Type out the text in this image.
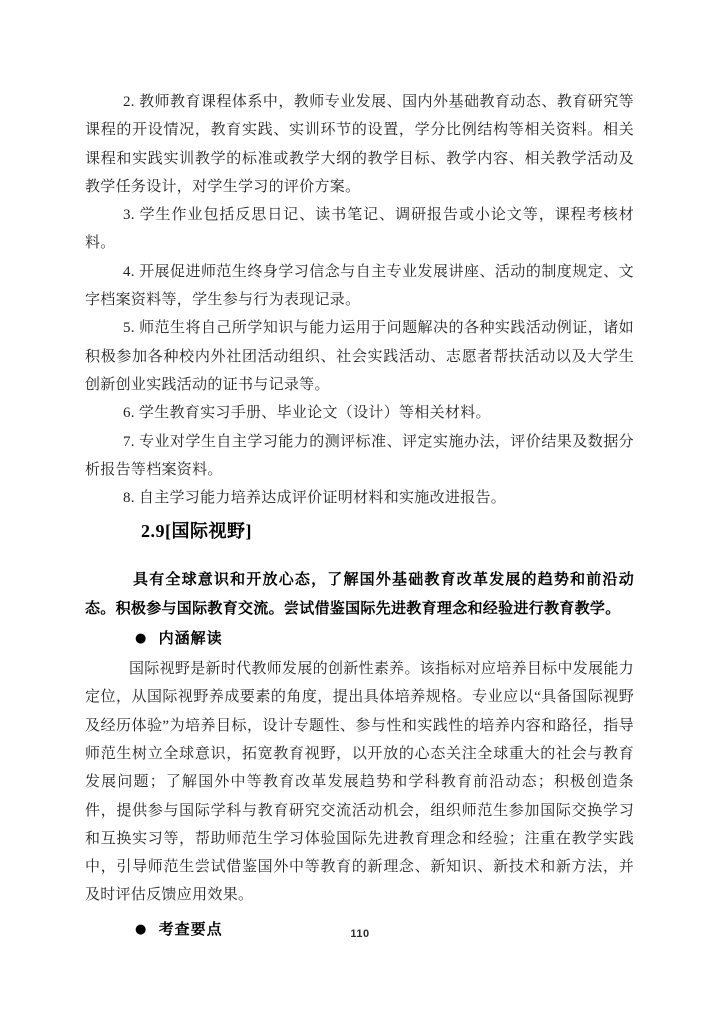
2. 教师教育课程体系中，教师专业发展、国内外基础教育动态、教育研究等课程的开设情况，教育实践、实训环节的设置，学分比例结构等相关资料。相关课程和实践实训教学的标准或教学大纲的教学目标、教学内容、相关教学活动及教学任务设计，对学生学习的评价方案。

3. 学生作业包括反思日记、读书笔记、调研报告或小论文等，课程考核材料。

4. 开展促进师范生终身学习信念与自主专业发展讲座、活动的制度规定、文字档案资料等，学生参与行为表现记录。

5. 师范生将自己所学知识与能力运用于问题解决的各种实践活动例证，诸如积极参加各种校内外社团活动组织、社会实践活动、志愿者帮扶活动以及大学生创新创业实践活动的证书与记录等。

6. 学生教育实习手册、毕业论文（设计）等相关材料。

7. 专业对学生自主学习能力的测评标准、评定实施办法，评价结果及数据分析报告等档案资料。

8. 自主学习能力培养达成评价证明材料和实施改进报告。

2.9[国际视野]

具有全球意识和开放心态，了解国外基础教育改革发展的趋势和前沿动态。积极参与国际教育交流。尝试借鉴国际先进教育理念和经验进行教育教学。

● 内涵解读

国际视野是新时代教师发展的创新性素养。该指标对应培养目标中发展能力定位，从国际视野养成要素的角度，提出具体培养规格。专业应以“具备国际视野及经历体验”为培养目标，设计专题性、参与性和实践性的培养内容和路径，指导师范生树立全球意识，拓宽教育视野，以开放的心态关注全球重大的社会与教育发展问题；了解国外中等教育改革发展趋势和学科教育前沿动态；积极创造条件，提供参与国际学科与教育研究交流活动机会，组织师范生参加国际交换学习和互换实习等，帮助师范生学习体验国际先进教育理念和经验；注重在教学实践中，引导师范生尝试借鉴国外中等教育的新理念、新知识、新技术和新方法，并及时评估反馈应用效果。

● 考查要点	110
